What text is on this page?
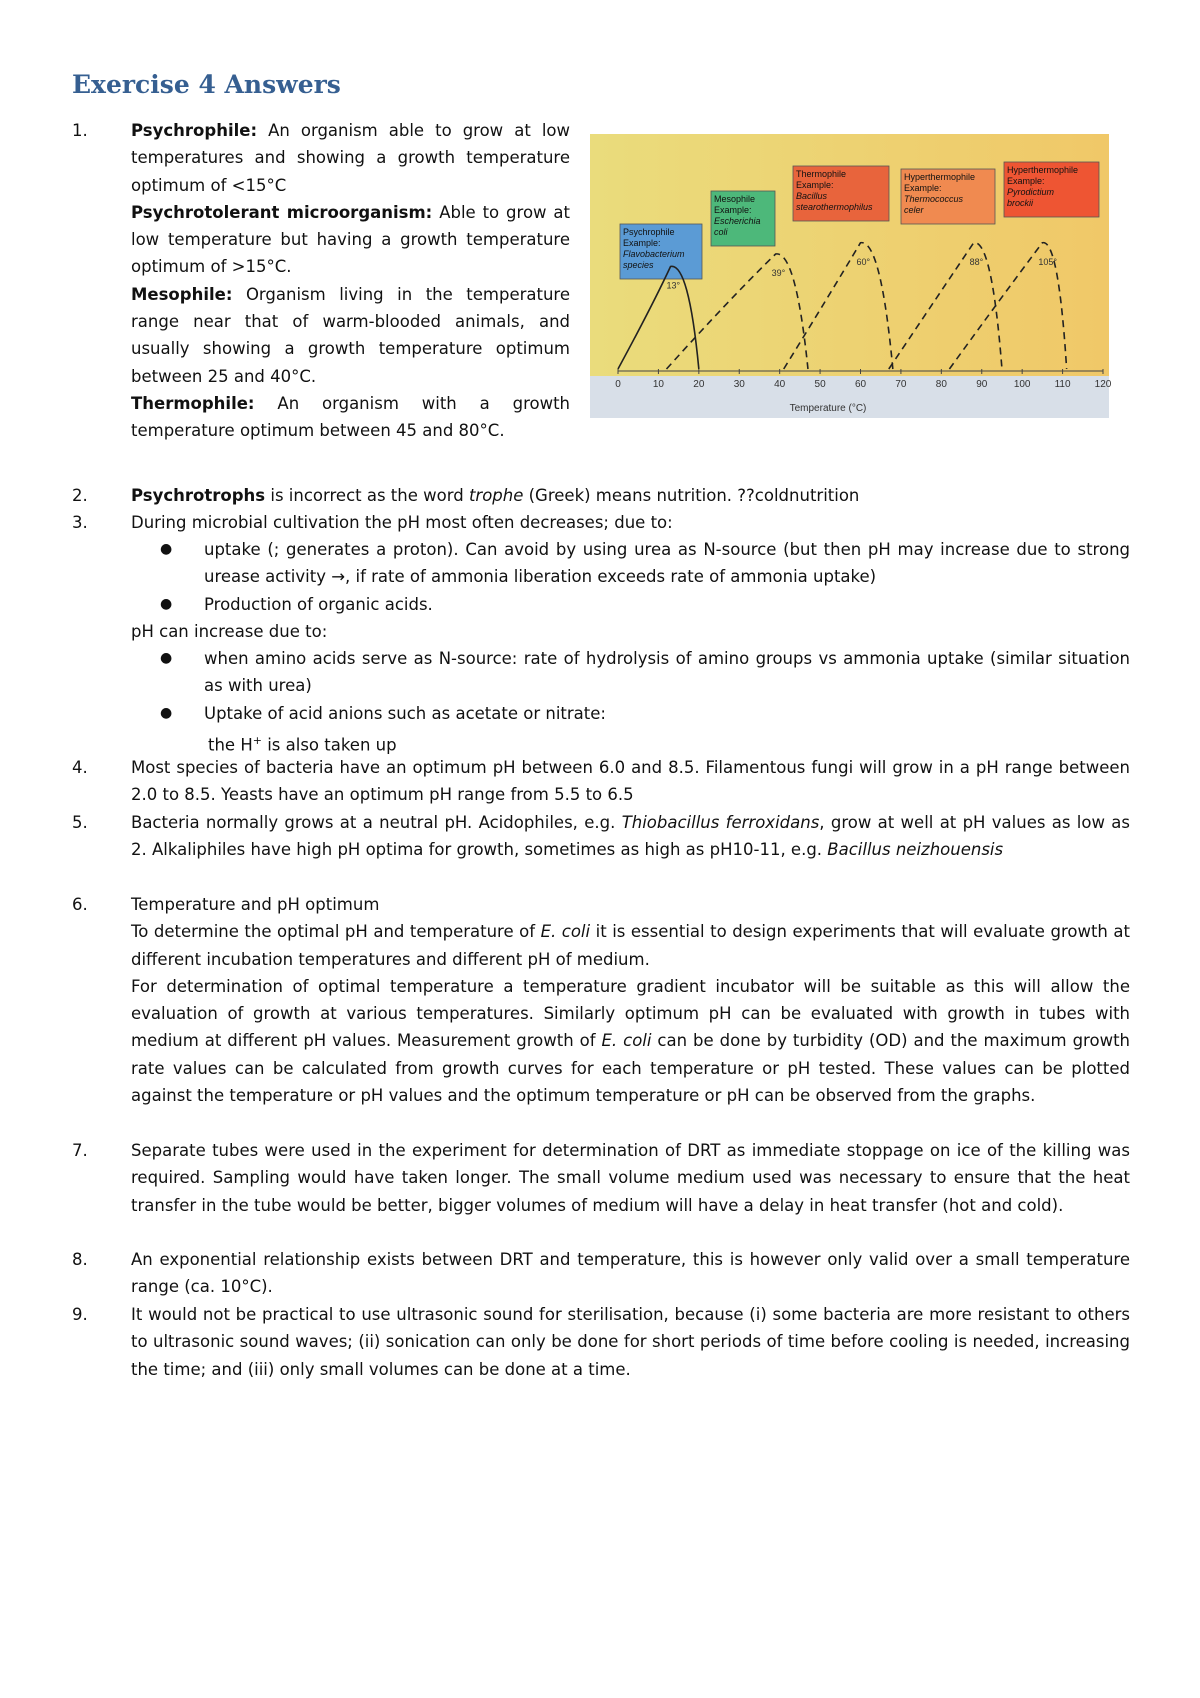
Exercise 4 Answers
1.	Psychrophile: An organism able to grow at low temperatures and showing a growth temperature optimum of <15°C
Psychrotolerant microorganism: Able to grow at low temperature but having a growth temperature optimum of >15°C.
Mesophile: Organism living in the temperature range near that of warm-blooded animals, and usually showing a growth temperature optimum between 25 and 40°C.
Thermophile: An organism with a growth temperature optimum between 45 and 80°C.
Psychrophile
Example:
Flavobacterium
species
Mesophile
Example:
Escherichia
coli
Thermophile
Example:
Bacillus
stearothermophilus
Hyperthermophile
Example:
Thermococcus
celer
Hyperthermophile
Example:
Pyrodictium
brockii
13°
39°
60°	88°	105°
0	10	20	30	40	50	60	70	80	90	100 110 120
Temperature (°C)
2.	Psychrotrophs is incorrect as the word trophe (Greek) means nutrition. ??coldnutrition
3.	During microbial cultivation the pH most often decreases; due to:
●	uptake (; generates a proton). Can avoid by using urea as N-source (but then pH may increase due to strong urease activity →, if rate of ammonia liberation exceeds rate of ammonia uptake)
●	Production of organic acids.
pH can increase due to:
●	when amino acids serve as N-source: rate of hydrolysis of amino groups vs ammonia uptake (similar situation as with urea)
●	Uptake of acid anions such as acetate or nitrate:
the H+ is also taken up
4.	Most species of bacteria have an optimum pH between 6.0 and 8.5. Filamentous fungi will grow in a pH range between 2.0 to 8.5. Yeasts have an optimum pH range from 5.5 to 6.5
5.	Bacteria normally grows at a neutral pH. Acidophiles, e.g. Thiobacillus ferroxidans, grow at well at pH values as low as 2. Alkaliphiles have high pH optima for growth, sometimes as high as pH10-11, e.g. Bacillus neizhouensis
6.	Temperature and pH optimum
To determine the optimal pH and temperature of E. coli it is essential to design experiments that will evaluate growth at different incubation temperatures and different pH of medium.
For determination of optimal temperature a temperature gradient incubator will be suitable as this will allow the evaluation of growth at various temperatures. Similarly optimum pH can be evaluated with growth in tubes with medium at different pH values. Measurement growth of E. coli can be done by turbidity (OD) and the maximum growth rate values can be calculated from growth curves for each temperature or pH tested. These values can be plotted against the temperature or pH values and the optimum temperature or pH can be observed from the graphs.
7.	Separate tubes were used in the experiment for determination of DRT as immediate stoppage on ice of the killing was required. Sampling would have taken longer. The small volume medium used was necessary to ensure that the heat transfer in the tube would be better, bigger volumes of medium will have a delay in heat transfer (hot and cold).
8.	An exponential relationship exists between DRT and temperature, this is however only valid over a small temperature range (ca. 10°C).
9.	It would not be practical to use ultrasonic sound for sterilisation, because (i) some bacteria are more resistant to others to ultrasonic sound waves; (ii) sonication can only be done for short periods of time before cooling is needed, increasing the time; and (iii) only small volumes can be done at a time.
